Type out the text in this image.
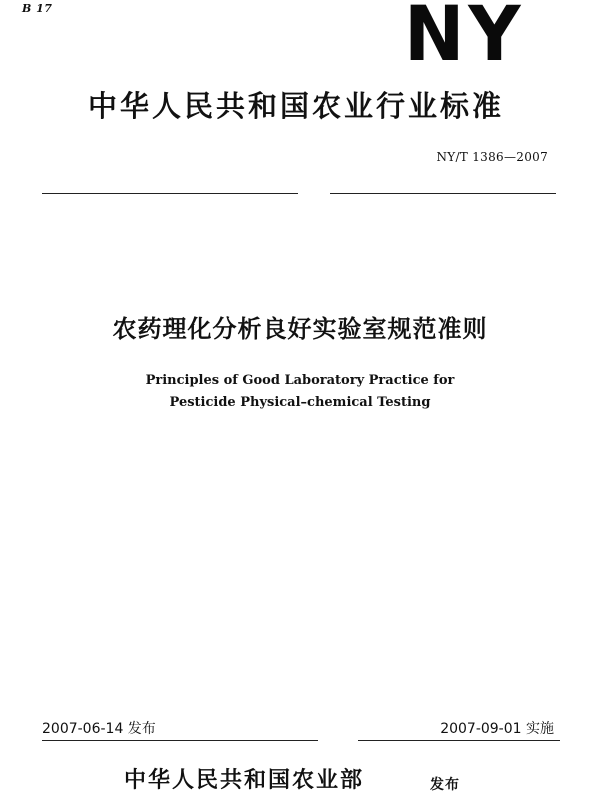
B 17	NY
中华人民共和国农业行业标准
NY/T 1386—2007
农药理化分析良好实验室规范准则
Principles of Good Laboratory Practice for
Pesticide Physical–chemical Testing
2007-06-14 发布	2007-09-01 实施
中华人民共和国农业部	发布
